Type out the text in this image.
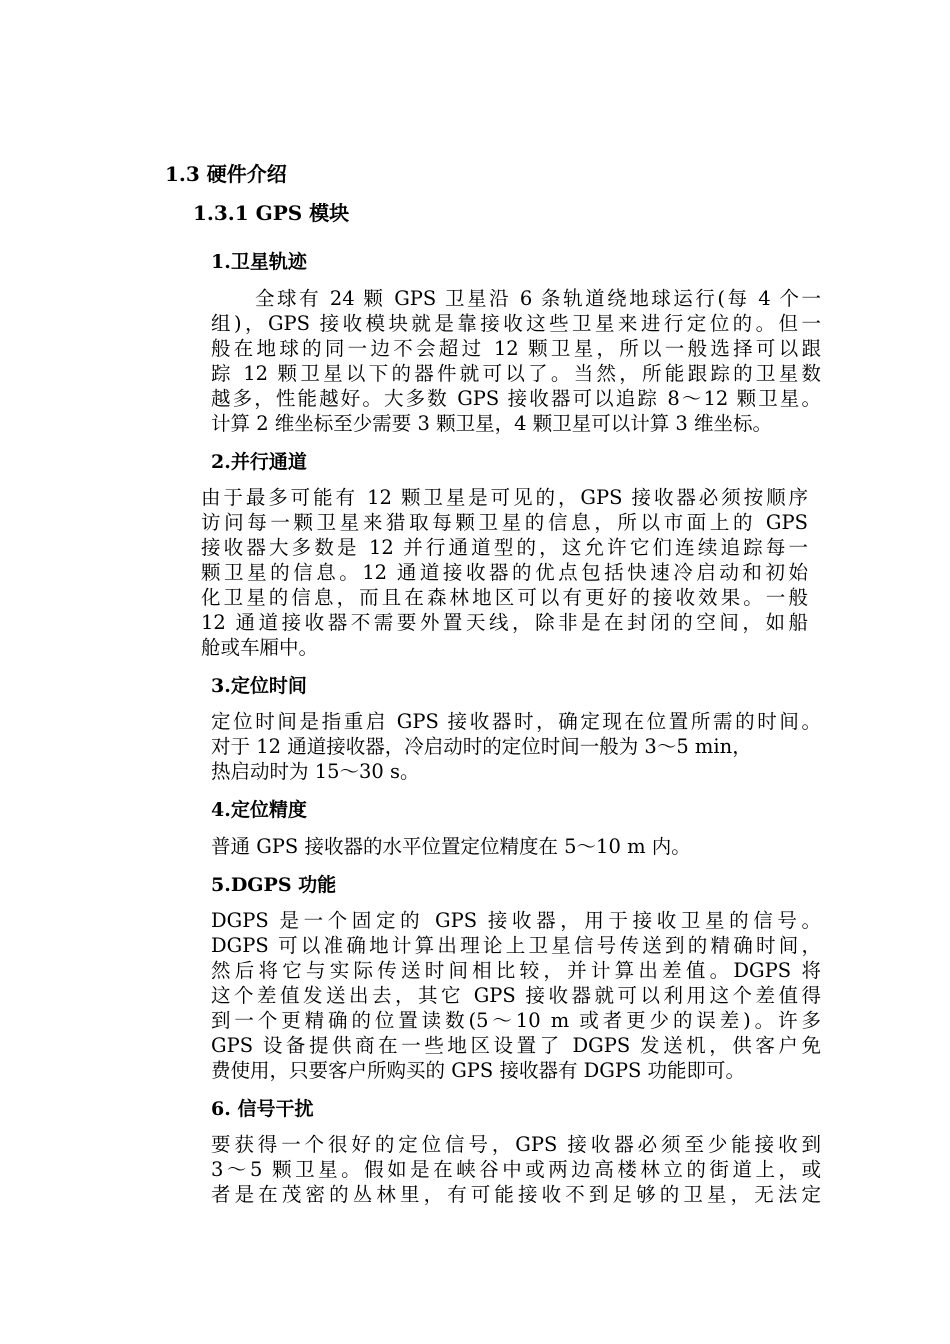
1.3 硬件介绍
1.3.1 GPS 模块
1.卫星轨迹
全球有 24 颗 GPS 卫星沿 6 条轨道绕地球运行(每 4 个一
组)，GPS 接收模块就是靠接收这些卫星来进行定位的。但一
般在地球的同一边不会超过 12 颗卫星，所以一般选择可以跟
踪 12 颗卫星以下的器件就可以了。当然，所能跟踪的卫星数
越多，性能越好。大多数 GPS 接收器可以追踪 8～12 颗卫星。
计算 2 维坐标至少需要 3 颗卫星，4 颗卫星可以计算 3 维坐标。
2.并行通道
由于最多可能有 12 颗卫星是可见的，GPS 接收器必须按顺序
访问每一颗卫星来猎取每颗卫星的信息，所以市面上的 GPS
接收器大多数是 12 并行通道型的，这允许它们连续追踪每一
颗卫星的信息。12 通道接收器的优点包括快速冷启动和初始
化卫星的信息，而且在森林地区可以有更好的接收效果。一般
12 通道接收器不需要外置天线，除非是在封闭的空间，如船
舱或车厢中。
3.定位时间
定位时间是指重启 GPS 接收器时，确定现在位置所需的时间。
对于 12 通道接收器，冷启动时的定位时间一般为 3～5 min，
热启动时为 15～30 s。
4.定位精度
普通 GPS 接收器的水平位置定位精度在 5～10 m 内。
5.DGPS 功能
DGPS 是一个固定的 GPS 接收器，用于接收卫星的信号。
DGPS 可以准确地计算出理论上卫星信号传送到的精确时间，
然后将它与实际传送时间相比较，并计算出差值。DGPS 将
这个差值发送出去，其它 GPS 接收器就可以利用这个差值得
到一个更精确的位置读数(5～10 m 或者更少的误差)。许多
GPS 设备提供商在一些地区设置了 DGPS 发送机，供客户免
费使用，只要客户所购买的 GPS 接收器有 DGPS 功能即可。
6. 信号干扰
要获得一个很好的定位信号，GPS 接收器必须至少能接收到
3～5 颗卫星。假如是在峡谷中或两边高楼林立的街道上，或
者是在茂密的丛林里，有可能接收不到足够的卫星，无法定
